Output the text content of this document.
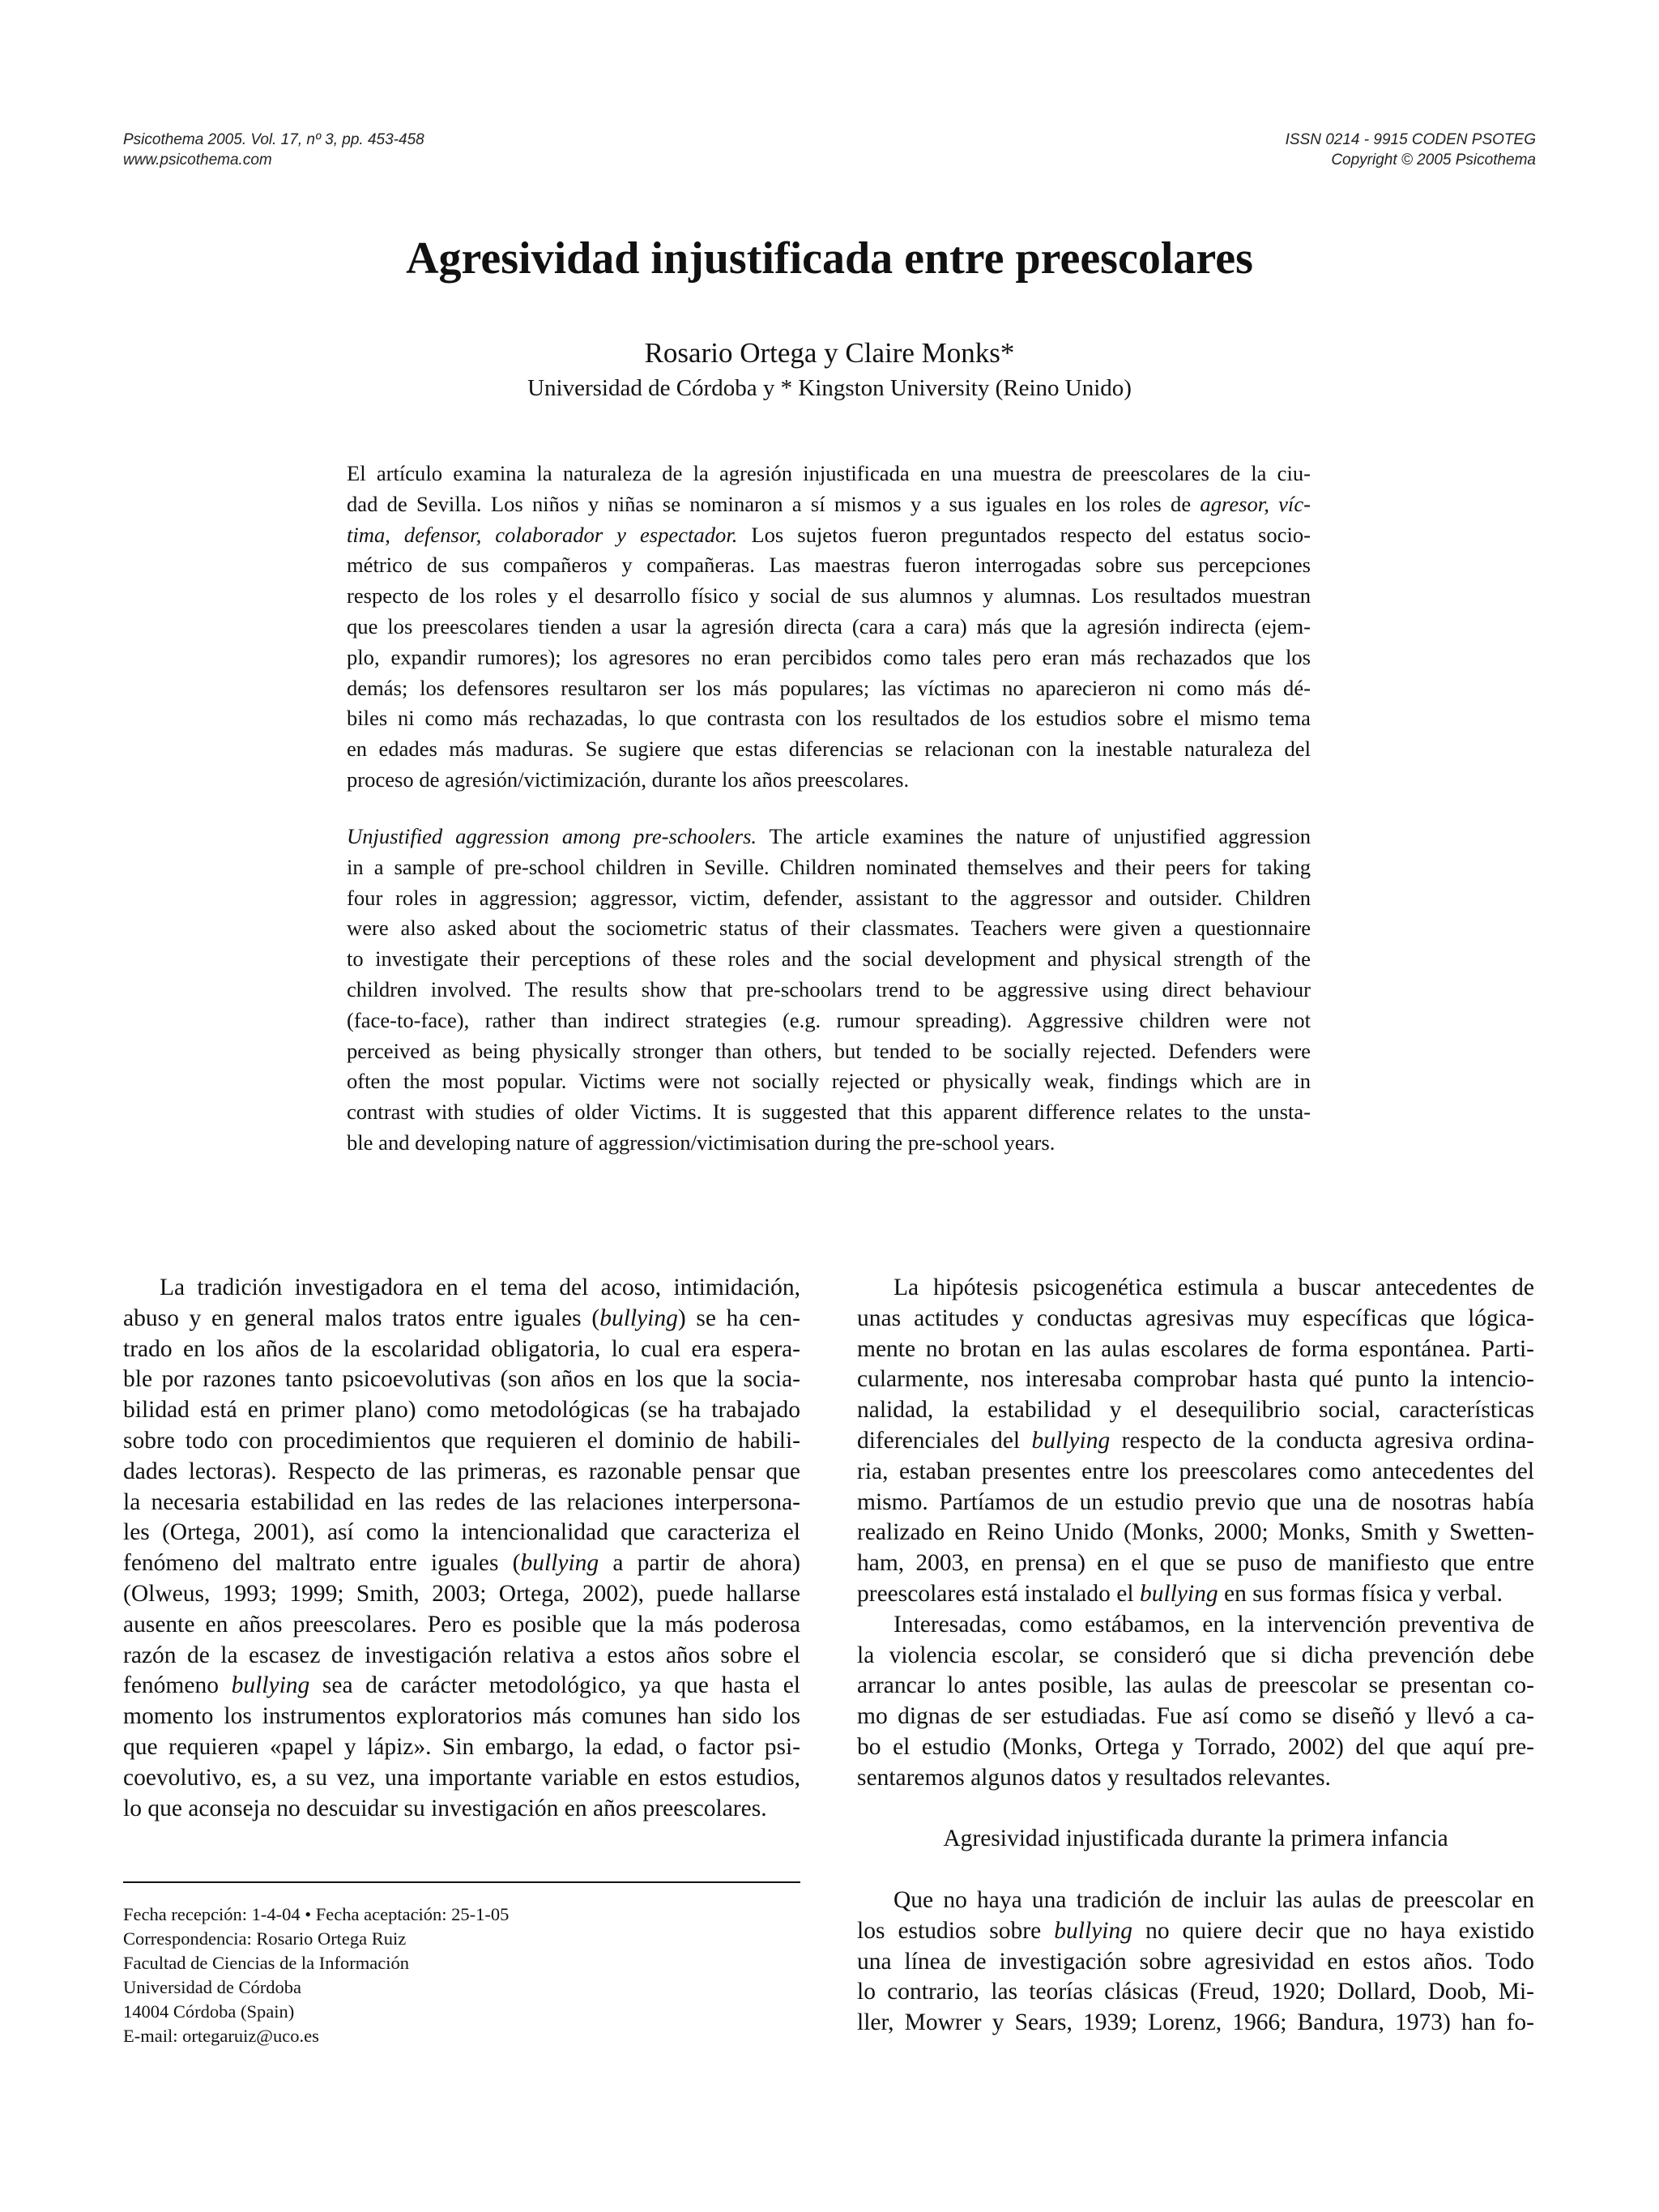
Psicothema 2005. Vol. 17, nº 3, pp. 453-458
www.psicothema.com
ISSN 0214 - 9915 CODEN PSOTEG
Copyright © 2005 Psicothema
Agresividad injustificada entre preescolares
Rosario Ortega y Claire Monks*
Universidad de Córdoba y * Kingston University (Reino Unido)
El artículo examina la naturaleza de la agresión injustificada en una muestra de preescolares de la ciu-
dad de Sevilla. Los niños y niñas se nominaron a sí mismos y a sus iguales en los roles de agresor, víc-
tima, defensor, colaborador y espectador. Los sujetos fueron preguntados respecto del estatus socio-
métrico de sus compañeros y compañeras. Las maestras fueron interrogadas sobre sus percepciones
respecto de los roles y el desarrollo físico y social de sus alumnos y alumnas. Los resultados muestran
que los preescolares tienden a usar la agresión directa (cara a cara) más que la agresión indirecta (ejem-
plo, expandir rumores); los agresores no eran percibidos como tales pero eran más rechazados que los
demás; los defensores resultaron ser los más populares; las víctimas no aparecieron ni como más dé-
biles ni como más rechazadas, lo que contrasta con los resultados de los estudios sobre el mismo tema
en edades más maduras. Se sugiere que estas diferencias se relacionan con la inestable naturaleza del
proceso de agresión/victimización, durante los años preescolares.
Unjustified aggression among pre-schoolers. The article examines the nature of unjustified aggression
in a sample of pre-school children in Seville. Children nominated themselves and their peers for taking
four roles in aggression; aggressor, victim, defender, assistant to the aggressor and outsider. Children
were also asked about the sociometric status of their classmates. Teachers were given a questionnaire
to investigate their perceptions of these roles and the social development and physical strength of the
children involved. The results show that pre-schoolars trend to be aggressive using direct behaviour
(face-to-face), rather than indirect strategies (e.g. rumour spreading). Aggressive children were not
perceived as being physically stronger than others, but tended to be socially rejected. Defenders were
often the most popular. Victims were not socially rejected or physically weak, findings which are in
contrast with studies of older Victims. It is suggested that this apparent difference relates to the unsta-
ble and developing nature of aggression/victimisation during the pre-school years.
La tradición investigadora en el tema del acoso, intimidación,
abuso y en general malos tratos entre iguales (bullying) se ha cen-
trado en los años de la escolaridad obligatoria, lo cual era espera-
ble por razones tanto psicoevolutivas (son años en los que la socia-
bilidad está en primer plano) como metodológicas (se ha trabajado
sobre todo con procedimientos que requieren el dominio de habili-
dades lectoras). Respecto de las primeras, es razonable pensar que
la necesaria estabilidad en las redes de las relaciones interpersona-
les (Ortega, 2001), así como la intencionalidad que caracteriza el
fenómeno del maltrato entre iguales (bullying a partir de ahora)
(Olweus, 1993; 1999; Smith, 2003; Ortega, 2002), puede hallarse
ausente en años preescolares. Pero es posible que la más poderosa
razón de la escasez de investigación relativa a estos años sobre el
fenómeno bullying sea de carácter metodológico, ya que hasta el
momento los instrumentos exploratorios más comunes han sido los
que requieren «papel y lápiz». Sin embargo, la edad, o factor psi-
coevolutivo, es, a su vez, una importante variable en estos estudios,
lo que aconseja no descuidar su investigación en años preescolares.
Fecha recepción: 1-4-04 • Fecha aceptación: 25-1-05
Correspondencia: Rosario Ortega Ruiz
Facultad de Ciencias de la Información
Universidad de Córdoba
14004 Córdoba (Spain)
E-mail: ortegaruiz@uco.es
La hipótesis psicogenética estimula a buscar antecedentes de
unas actitudes y conductas agresivas muy específicas que lógica-
mente no brotan en las aulas escolares de forma espontánea. Parti-
cularmente, nos interesaba comprobar hasta qué punto la intencio-
nalidad, la estabilidad y el desequilibrio social, características
diferenciales del bullying respecto de la conducta agresiva ordina-
ria, estaban presentes entre los preescolares como antecedentes del
mismo. Partíamos de un estudio previo que una de nosotras había
realizado en Reino Unido (Monks, 2000; Monks, Smith y Swetten-
ham, 2003, en prensa) en el que se puso de manifiesto que entre
preescolares está instalado el bullying en sus formas física y verbal.
Interesadas, como estábamos, en la intervención preventiva de
la violencia escolar, se consideró que si dicha prevención debe
arrancar lo antes posible, las aulas de preescolar se presentan co-
mo dignas de ser estudiadas. Fue así como se diseñó y llevó a ca-
bo el estudio (Monks, Ortega y Torrado, 2002) del que aquí pre-
sentaremos algunos datos y resultados relevantes.
Agresividad injustificada durante la primera infancia
Que no haya una tradición de incluir las aulas de preescolar en
los estudios sobre bullying no quiere decir que no haya existido
una línea de investigación sobre agresividad en estos años. Todo
lo contrario, las teorías clásicas (Freud, 1920; Dollard, Doob, Mi-
ller, Mowrer y Sears, 1939; Lorenz, 1966; Bandura, 1973) han fo-
